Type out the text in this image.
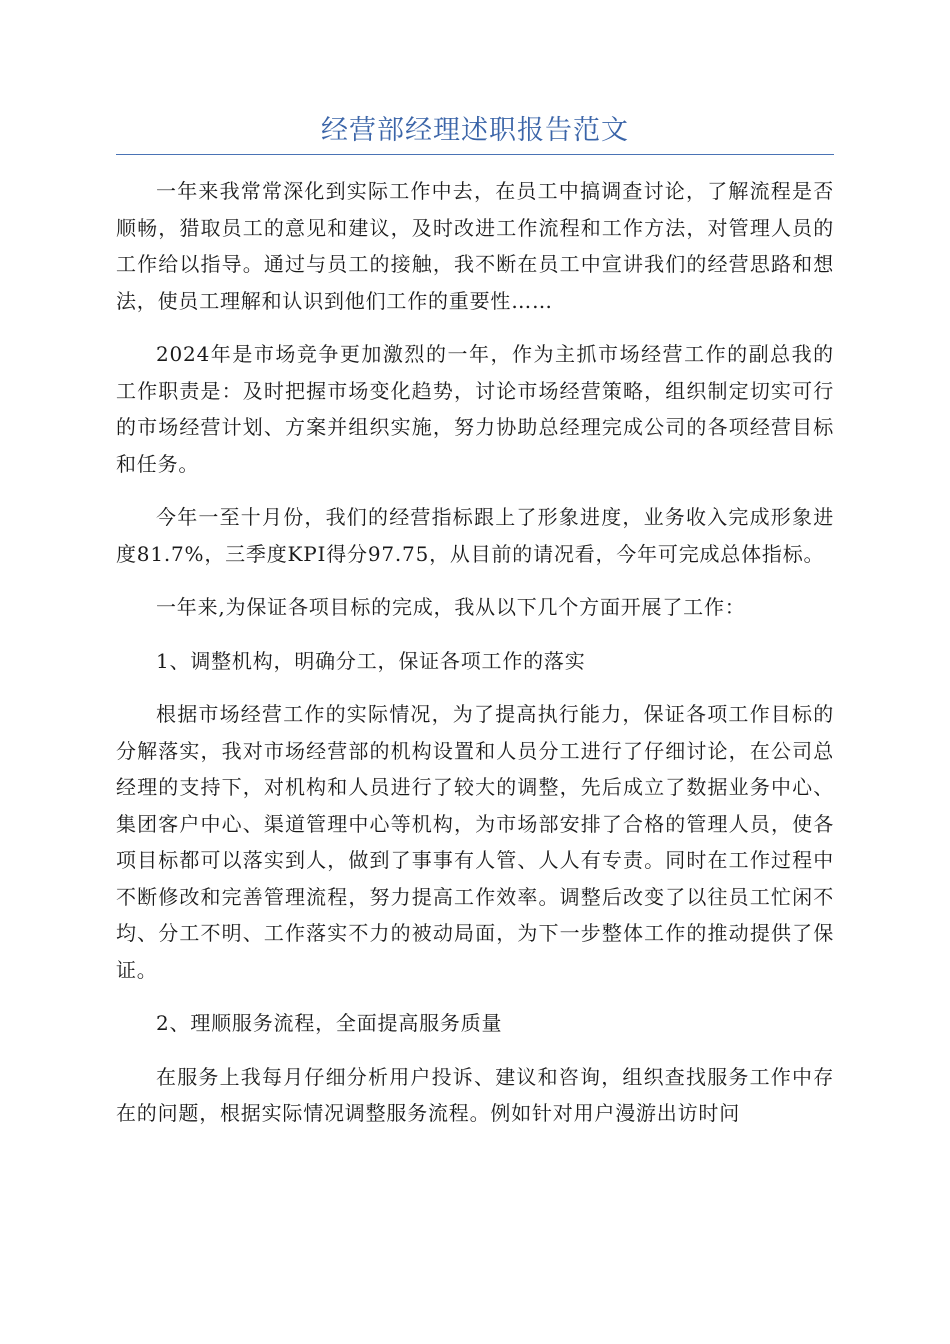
经营部经理述职报告范文

一年来我常常深化到实际工作中去，在员工中搞调查讨论，了解流程是否顺畅，猎取员工的意见和建议，及时改进工作流程和工作方法，对管理人员的工作给以指导。通过与员工的接触，我不断在员工中宣讲我们的经营思路和想法，使员工理解和认识到他们工作的重要性……

2024年是市场竞争更加激烈的一年，作为主抓市场经营工作的副总我的工作职责是：及时把握市场变化趋势，讨论市场经营策略，组织制定切实可行的市场经营计划、方案并组织实施，努力协助总经理完成公司的各项经营目标和任务。

今年一至十月份，我们的经营指标跟上了形象进度，业务收入完成形象进度81.7%，三季度KPI得分97.75，从目前的请况看，今年可完成总体指标。

一年来,为保证各项目标的完成，我从以下几个方面开展了工作：

1、调整机构，明确分工，保证各项工作的落实

根据市场经营工作的实际情况，为了提高执行能力，保证各项工作目标的分解落实，我对市场经营部的机构设置和人员分工进行了仔细讨论，在公司总经理的支持下，对机构和人员进行了较大的调整，先后成立了数据业务中心、集团客户中心、渠道管理中心等机构，为市场部安排了合格的管理人员，使各项目标都可以落实到人，做到了事事有人管、人人有专责。同时在工作过程中不断修改和完善管理流程，努力提高工作效率。调整后改变了以往员工忙闲不均、分工不明、工作落实不力的被动局面，为下一步整体工作的推动提供了保证。

2、理顺服务流程，全面提高服务质量

在服务上我每月仔细分析用户投诉、建议和咨询，组织查找服务工作中存在的问题，根据实际情况调整服务流程。例如针对用户漫游出访时问
